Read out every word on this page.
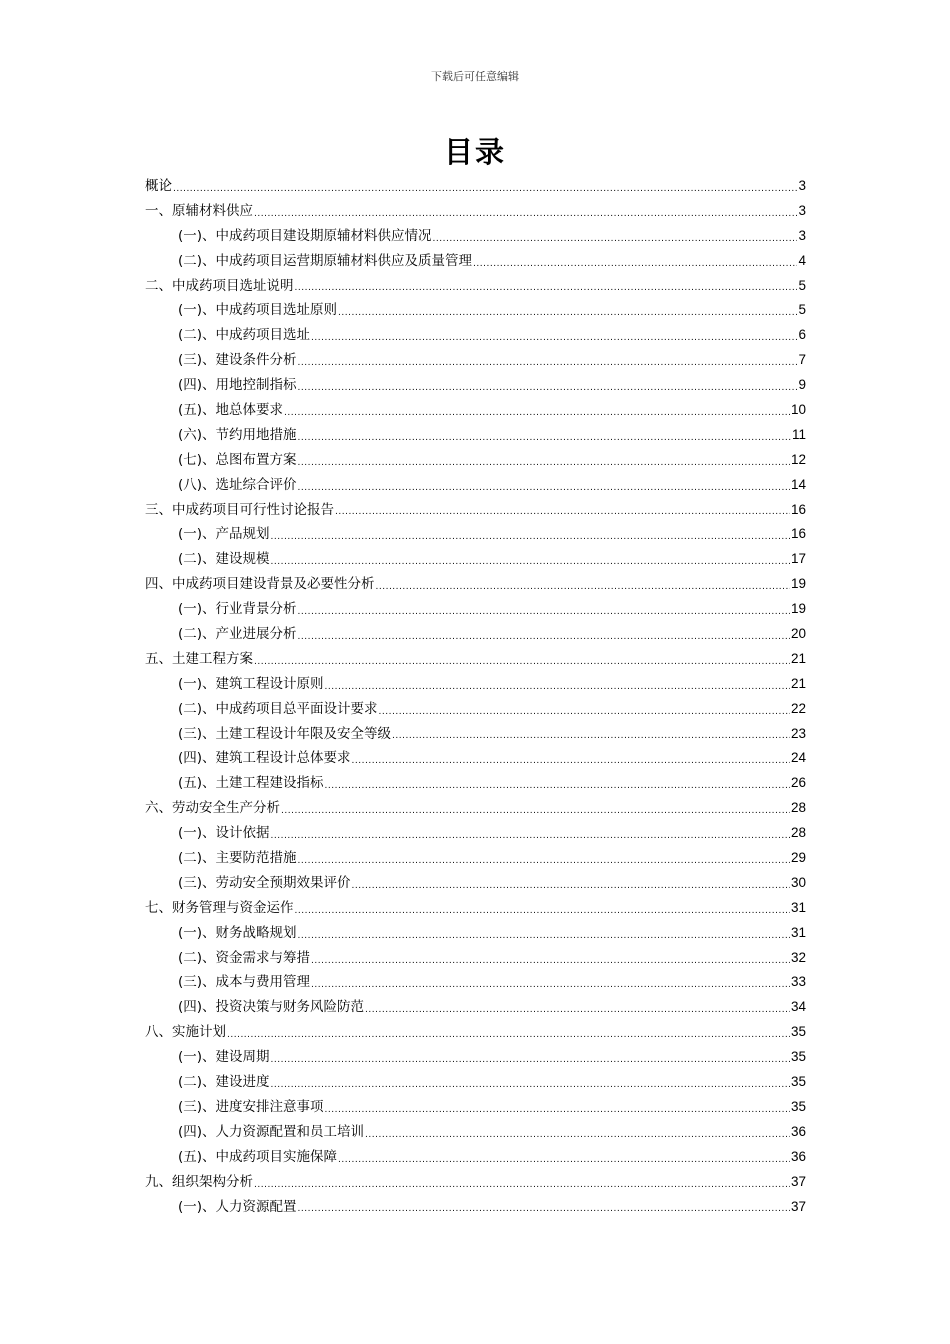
下载后可任意编辑
目录
概论 .....	3
一、原辅材料供应 .....	3
(一)、中成药项目建设期原辅材料供应情况 .....	3
(二)、中成药项目运营期原辅材料供应及质量管理 .....	4
二、中成药项目选址说明 .....	5
(一)、中成药项目选址原则 .....	5
(二)、中成药项目选址 .....	6
(三)、建设条件分析 .....	7
(四)、用地控制指标 .....	9
(五)、地总体要求 .....	10
(六)、节约用地措施 .....	11
(七)、总图布置方案 .....	12
(八)、选址综合评价 .....	14
三、中成药项目可行性讨论报告 .....	16
(一)、产品规划 .....	16
(二)、建设规模 .....	17
四、中成药项目建设背景及必要性分析 .....	19
(一)、行业背景分析 .....	19
(二)、产业进展分析 .....	20
五、土建工程方案 .....	21
(一)、建筑工程设计原则 .....	21
(二)、中成药项目总平面设计要求 .....	22
(三)、土建工程设计年限及安全等级 .....	23
(四)、建筑工程设计总体要求 .....	24
(五)、土建工程建设指标 .....	26
六、劳动安全生产分析 .....	28
(一)、设计依据 .....	28
(二)、主要防范措施 .....	29
(三)、劳动安全预期效果评价 .....	30
七、财务管理与资金运作 .....	31
(一)、财务战略规划 .....	31
(二)、资金需求与筹措 .....	32
(三)、成本与费用管理 .....	33
(四)、投资决策与财务风险防范 .....	34
八、实施计划 .....	35
(一)、建设周期 .....	35
(二)、建设进度 .....	35
(三)、进度安排注意事项 .....	35
(四)、人力资源配置和员工培训 .....	36
(五)、中成药项目实施保障 .....	36
九、组织架构分析 .....	37
(一)、人力资源配置 .....	37
